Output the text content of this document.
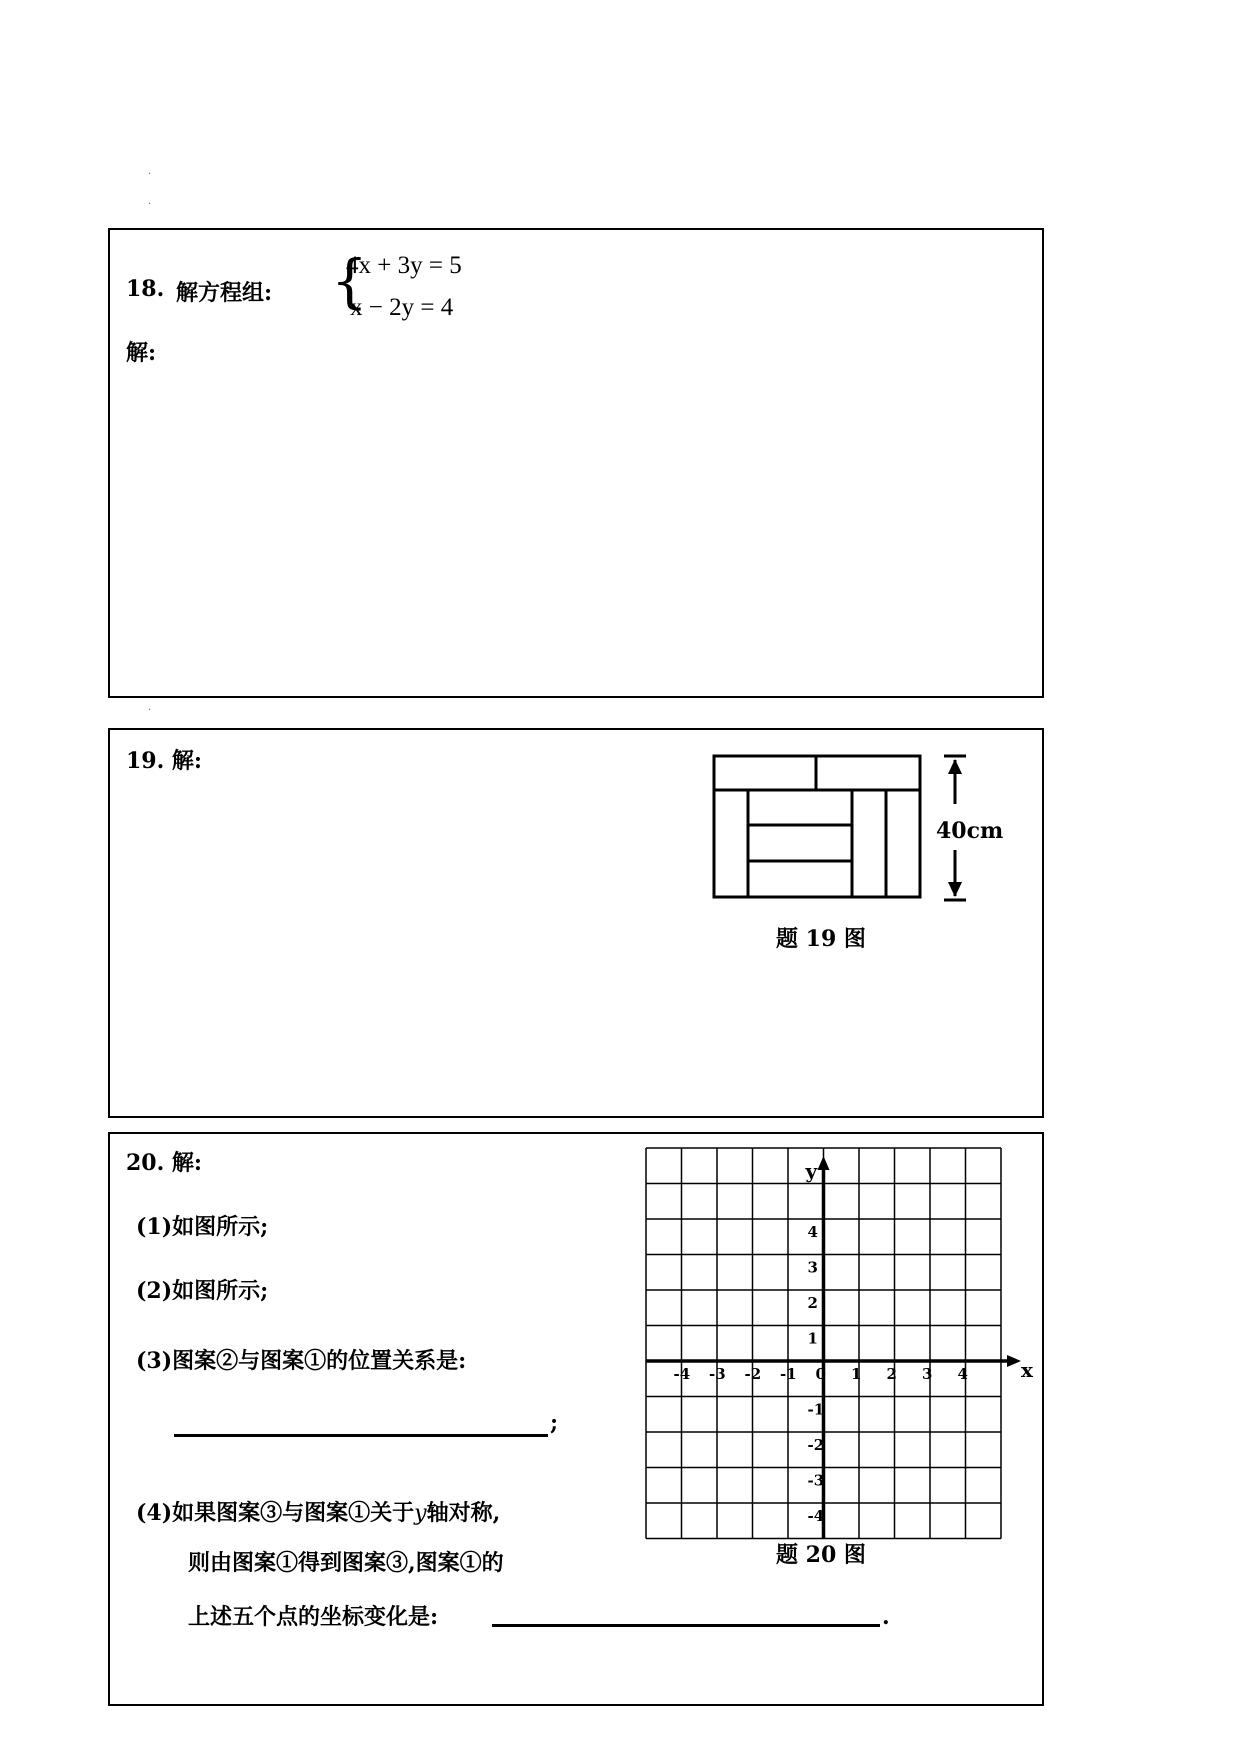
.
.
.
18. 解方程组: {
4x + 3y = 5
x − 2y = 4
解:
19. 解:
40cm
题 19 图
20. 解:
(1)如图所示;
(2)如图所示;
(3)图案②与图案①的位置关系是:
;
(4)如果图案③与图案①关于y轴对称,
则由图案①得到图案③,图案①的
上述五个点的坐标变化是:	.
x
y
-4 -3 -2 -1 0 1 2 3 4
4
3
2
1
-1
-2
-3
-4
题 20 图
